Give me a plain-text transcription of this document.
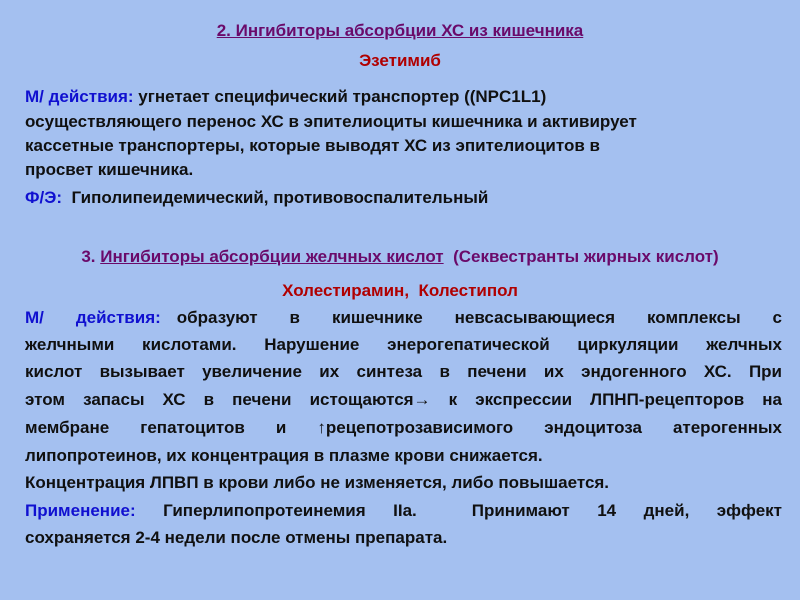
2. Ингибиторы абсорбции ХС из кишечника
Эзетимиб
М/ действия: угнетает специфический транспортер ((NPC1L1)
осуществляющего перенос ХС в эпителиоциты кишечника и активирует
кассетные транспортеры, которые выводят ХС из эпителиоцитов в
просвет кишечника.
Ф/Э:  Гиполипеидемический, противовоспалительный
3. Ингибиторы абсорбции желчных кислот  (Секвестранты жирных кислот)
Холестирамин,  Колестипол
М/  действия: образуют  в  кишечнике  невсасывающиеся  комплексы  с
желчными кислотами. Нарушение энерогепатической циркуляции желчных
кислот вызывает увеличение их синтеза в печени их эндогенного ХС. При
этом запасы ХС в печени истощаются→ к экспрессии ЛПНП-рецепторов на
мембране  гепатоцитов  и  ↑рецепотрозависимого  эндоцитоза  атерогенных
липопротеинов, их концентрация в плазме крови снижается.
Концентрация ЛПВП в крови либо не изменяется, либо повышается.
Применение:  Гиперлипопротеинемия  IIa.    Принимают  14  дней,  эффект
сохраняется 2-4 недели после отмены препарата.
